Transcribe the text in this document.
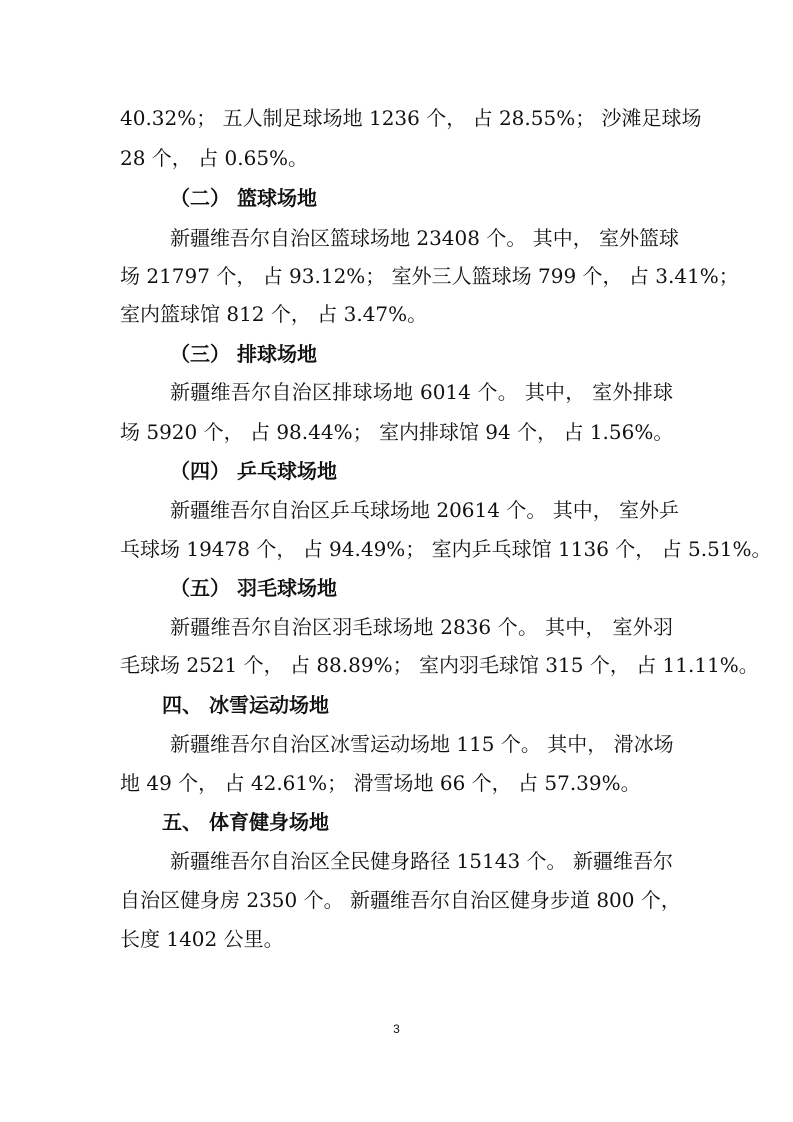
40.32%； 五人制足球场地 1236 个， 占 28.55%； 沙滩足球场
28 个， 占 0.65%。
（二） 篮球场地
新疆维吾尔自治区篮球场地 23408 个。 其中， 室外篮球
场 21797 个， 占 93.12%； 室外三人篮球场 799 个， 占 3.41%；
室内篮球馆 812 个， 占 3.47%。
（三） 排球场地
新疆维吾尔自治区排球场地 6014 个。 其中， 室外排球
场 5920 个， 占 98.44%； 室内排球馆 94 个， 占 1.56%。
（四） 乒乓球场地
新疆维吾尔自治区乒乓球场地 20614 个。 其中， 室外乒
乓球场 19478 个， 占 94.49%； 室内乒乓球馆 1136 个， 占 5.51%。
（五） 羽毛球场地
新疆维吾尔自治区羽毛球场地 2836 个。 其中， 室外羽
毛球场 2521 个， 占 88.89%； 室内羽毛球馆 315 个， 占 11.11%。
四、 冰雪运动场地
新疆维吾尔自治区冰雪运动场地 115 个。 其中， 滑冰场
地 49 个， 占 42.61%； 滑雪场地 66 个， 占 57.39%。
五、 体育健身场地
新疆维吾尔自治区全民健身路径 15143 个。 新疆维吾尔
自治区健身房 2350 个。 新疆维吾尔自治区健身步道 800 个，
长度 1402 公里。
3
